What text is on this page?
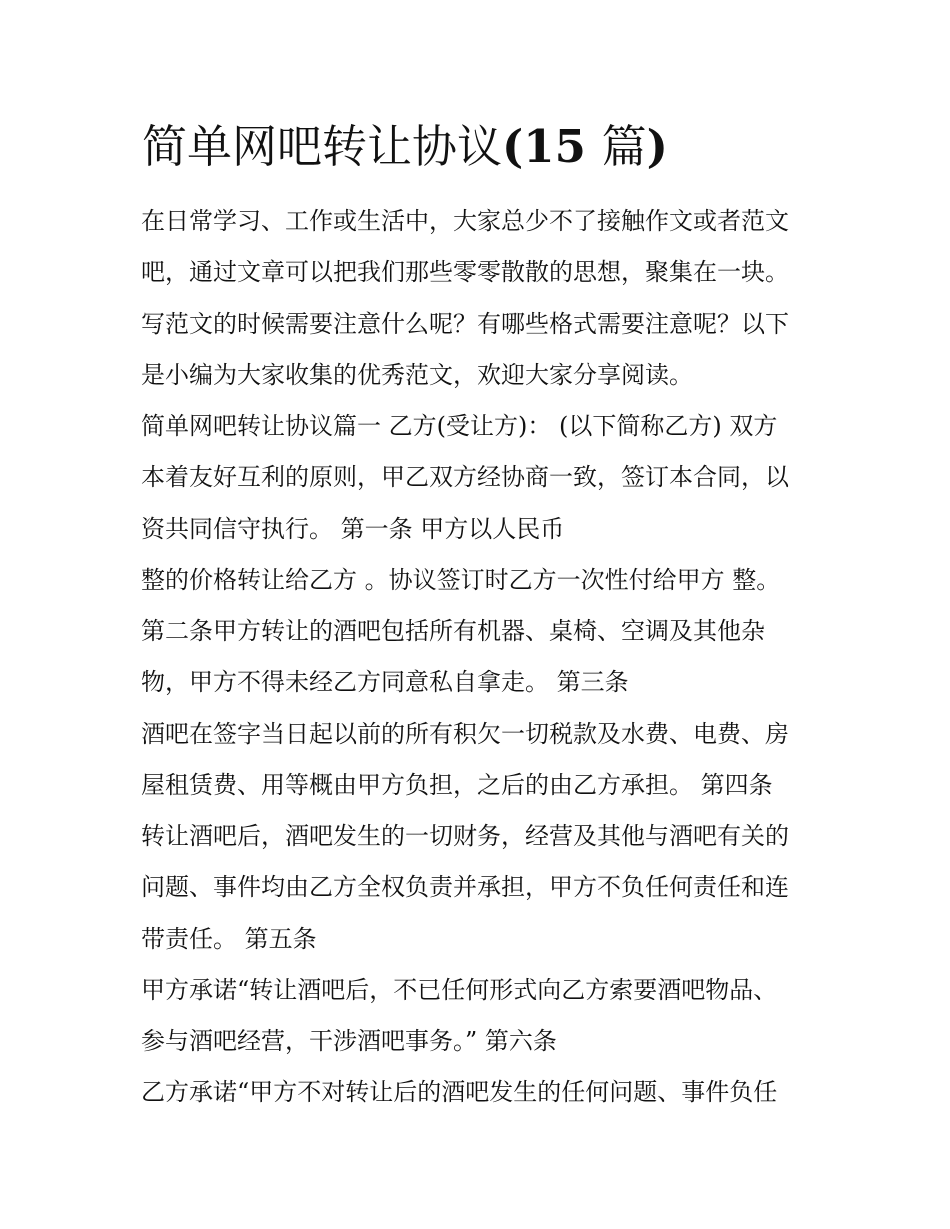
简单网吧转让协议(15 篇)
在日常学习、工作或生活中，大家总少不了接触作文或者范文
吧，通过文章可以把我们那些零零散散的思想，聚集在一块。
写范文的时候需要注意什么呢？有哪些格式需要注意呢？以下
是小编为大家收集的优秀范文，欢迎大家分享阅读。
简单网吧转让协议篇一 乙方(受让方)： (以下简称乙方) 双方
本着友好互利的原则，甲乙双方经协商一致，签订本合同，以
资共同信守执行。 第一条 甲方以人民币
整的价格转让给乙方 。协议签订时乙方一次性付给甲方 整。
第二条甲方转让的酒吧包括所有机器、桌椅、空调及其他杂
物，甲方不得未经乙方同意私自拿走。 第三条
酒吧在签字当日起以前的所有积欠一切税款及水费、电费、房
屋租赁费、用等概由甲方负担，之后的由乙方承担。 第四条
转让酒吧后，酒吧发生的一切财务，经营及其他与酒吧有关的
问题、事件均由乙方全权负责并承担，甲方不负任何责任和连
带责任。 第五条
甲方承诺“转让酒吧后，不已任何形式向乙方索要酒吧物品、
参与酒吧经营，干涉酒吧事务。” 第六条
乙方承诺“甲方不对转让后的酒吧发生的任何问题、事件负任
